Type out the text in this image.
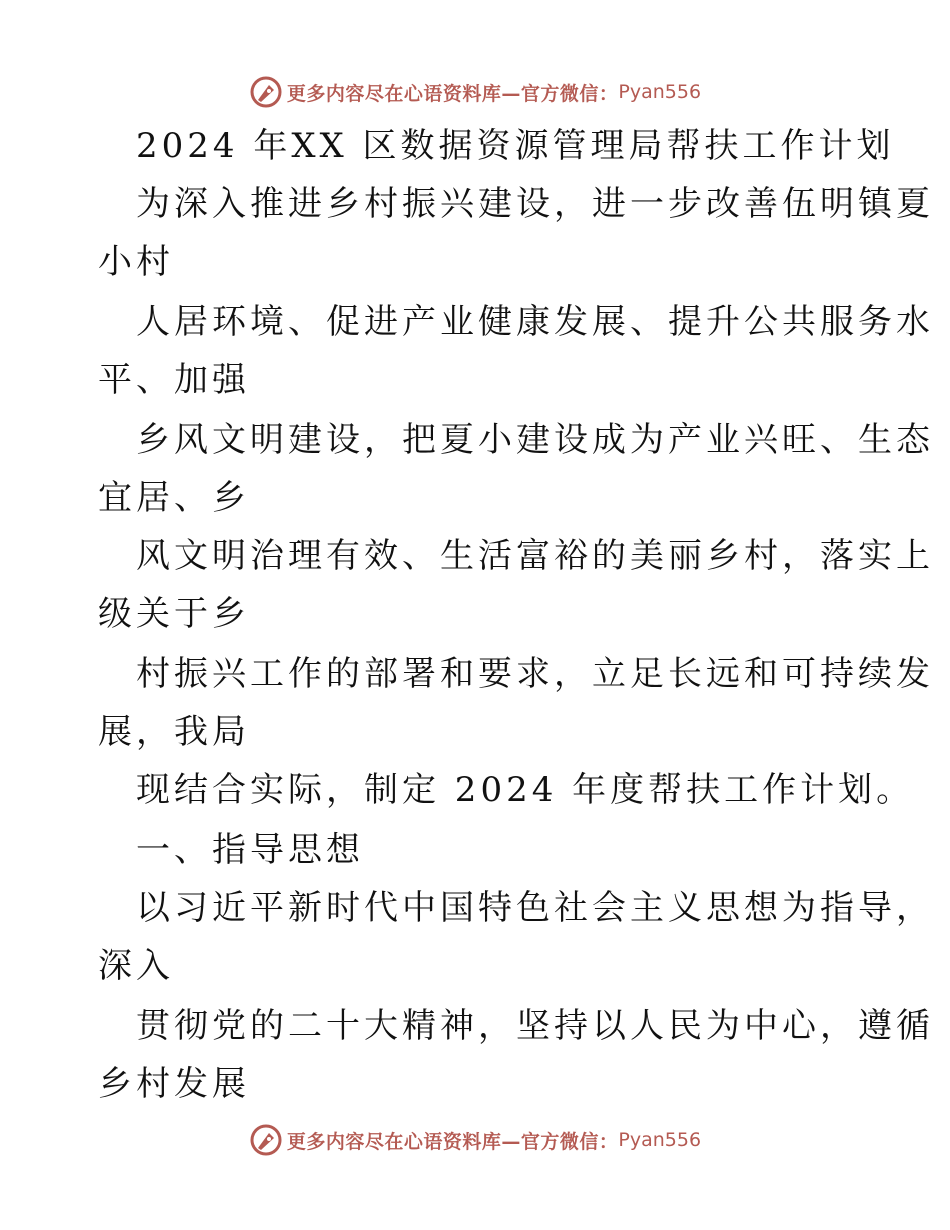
更多内容尽在心语资料库—官方微信： Pyan556

2024 年XX 区数据资源管理局帮扶工作计划

为深入推进乡村振兴建设，进一步改善伍明镇夏

小村

人居环境、促进产业健康发展、提升公共服务水

平、加强

乡风文明建设，把夏小建设成为产业兴旺、生态

宜居、乡

风文明治理有效、生活富裕的美丽乡村，落实上

级关于乡

村振兴工作的部署和要求，立足长远和可持续发

展，我局

现结合实际，制定 2024 年度帮扶工作计划。

一、指导思想

以习近平新时代中国特色社会主义思想为指导，

深入

贯彻党的二十大精神，坚持以人民为中心，遵循

乡村发展

更多内容尽在心语资料库—官方微信： Pyan556
